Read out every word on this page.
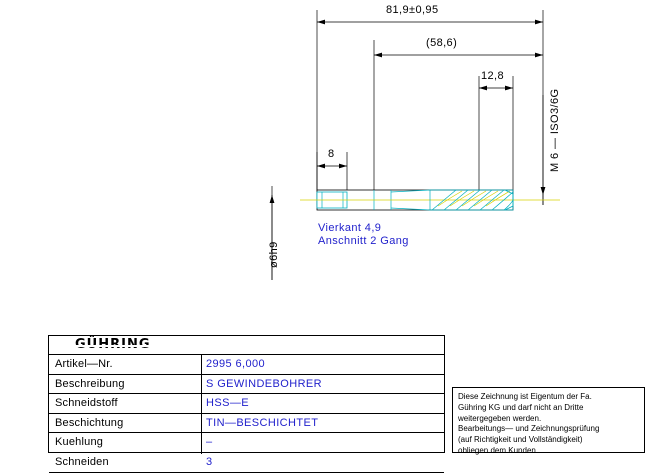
81,9±0,95
(58,6)
12,8
8	M 6 — ISO3/6G
ø6h9
Vierkant 4,9
Anschnitt 2 Gang
Artikel—Nr.	2995 6,000
Beschreibung	S GEWINDEBOHRER
Schneidstoff	HSS—E
Beschichtung	TIN—BESCHICHTET
Kuehlung	–
Schneiden	3
Diese Zeichnung ist Eigentum der Fa.
Gühring KG und darf nicht an Dritte
weitergegeben werden.
Bearbeitungs— und Zeichnungsprüfung
(auf Richtigkeit und Vollständigkeit)
obliegen dem Kunden.
